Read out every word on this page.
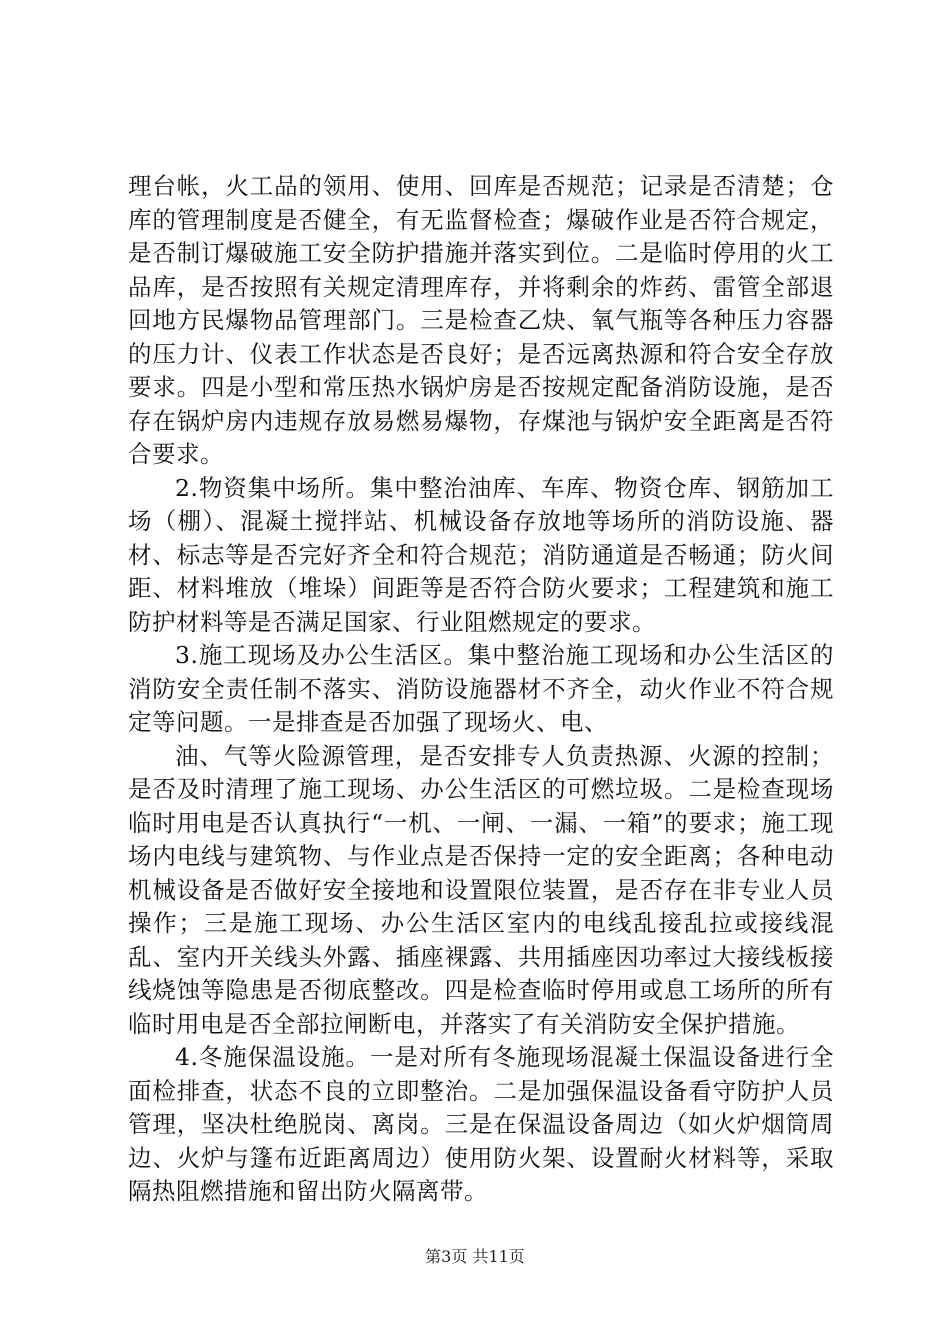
理台帐，火工品的领用、使用、回库是否规范；记录是否清楚；仓库的管理制度是否健全，有无监督检查；爆破作业是否符合规定，是否制订爆破施工安全防护措施并落实到位。二是临时停用的火工品库，是否按照有关规定清理库存，并将剩余的炸药、雷管全部退回地方民爆物品管理部门。三是检查乙炔、氧气瓶等各种压力容器的压力计、仪表工作状态是否良好；是否远离热源和符合安全存放要求。四是小型和常压热水锅炉房是否按规定配备消防设施，是否存在锅炉房内违规存放易燃易爆物，存煤池与锅炉安全距离是否符合要求。

2.物资集中场所。集中整治油库、车库、物资仓库、钢筋加工场（棚）、混凝土搅拌站、机械设备存放地等场所的消防设施、器材、标志等是否完好齐全和符合规范；消防通道是否畅通；防火间距、材料堆放（堆垛）间距等是否符合防火要求；工程建筑和施工防护材料等是否满足国家、行业阻燃规定的要求。

3.施工现场及办公生活区。集中整治施工现场和办公生活区的消防安全责任制不落实、消防设施器材不齐全，动火作业不符合规定等问题。一是排查是否加强了现场火、电、

油、气等火险源管理，是否安排专人负责热源、火源的控制；是否及时清理了施工现场、办公生活区的可燃垃圾。二是检查现场临时用电是否认真执行“一机、一闸、一漏、一箱”的要求；施工现场内电线与建筑物、与作业点是否保持一定的安全距离；各种电动机械设备是否做好安全接地和设置限位装置，是否存在非专业人员操作；三是施工现场、办公生活区室内的电线乱接乱拉或接线混乱、室内开关线头外露、插座裸露、共用插座因功率过大接线板接线烧蚀等隐患是否彻底整改。四是检查临时停用或息工场所的所有临时用电是否全部拉闸断电，并落实了有关消防安全保护措施。

4.冬施保温设施。一是对所有冬施现场混凝土保温设备进行全面检排查，状态不良的立即整治。二是加强保温设备看守防护人员管理，坚决杜绝脱岗、离岗。三是在保温设备周边（如火炉烟筒周边、火炉与篷布近距离周边）使用防火架、设置耐火材料等，采取隔热阻燃措施和留出防火隔离带。

第3页 共11页
